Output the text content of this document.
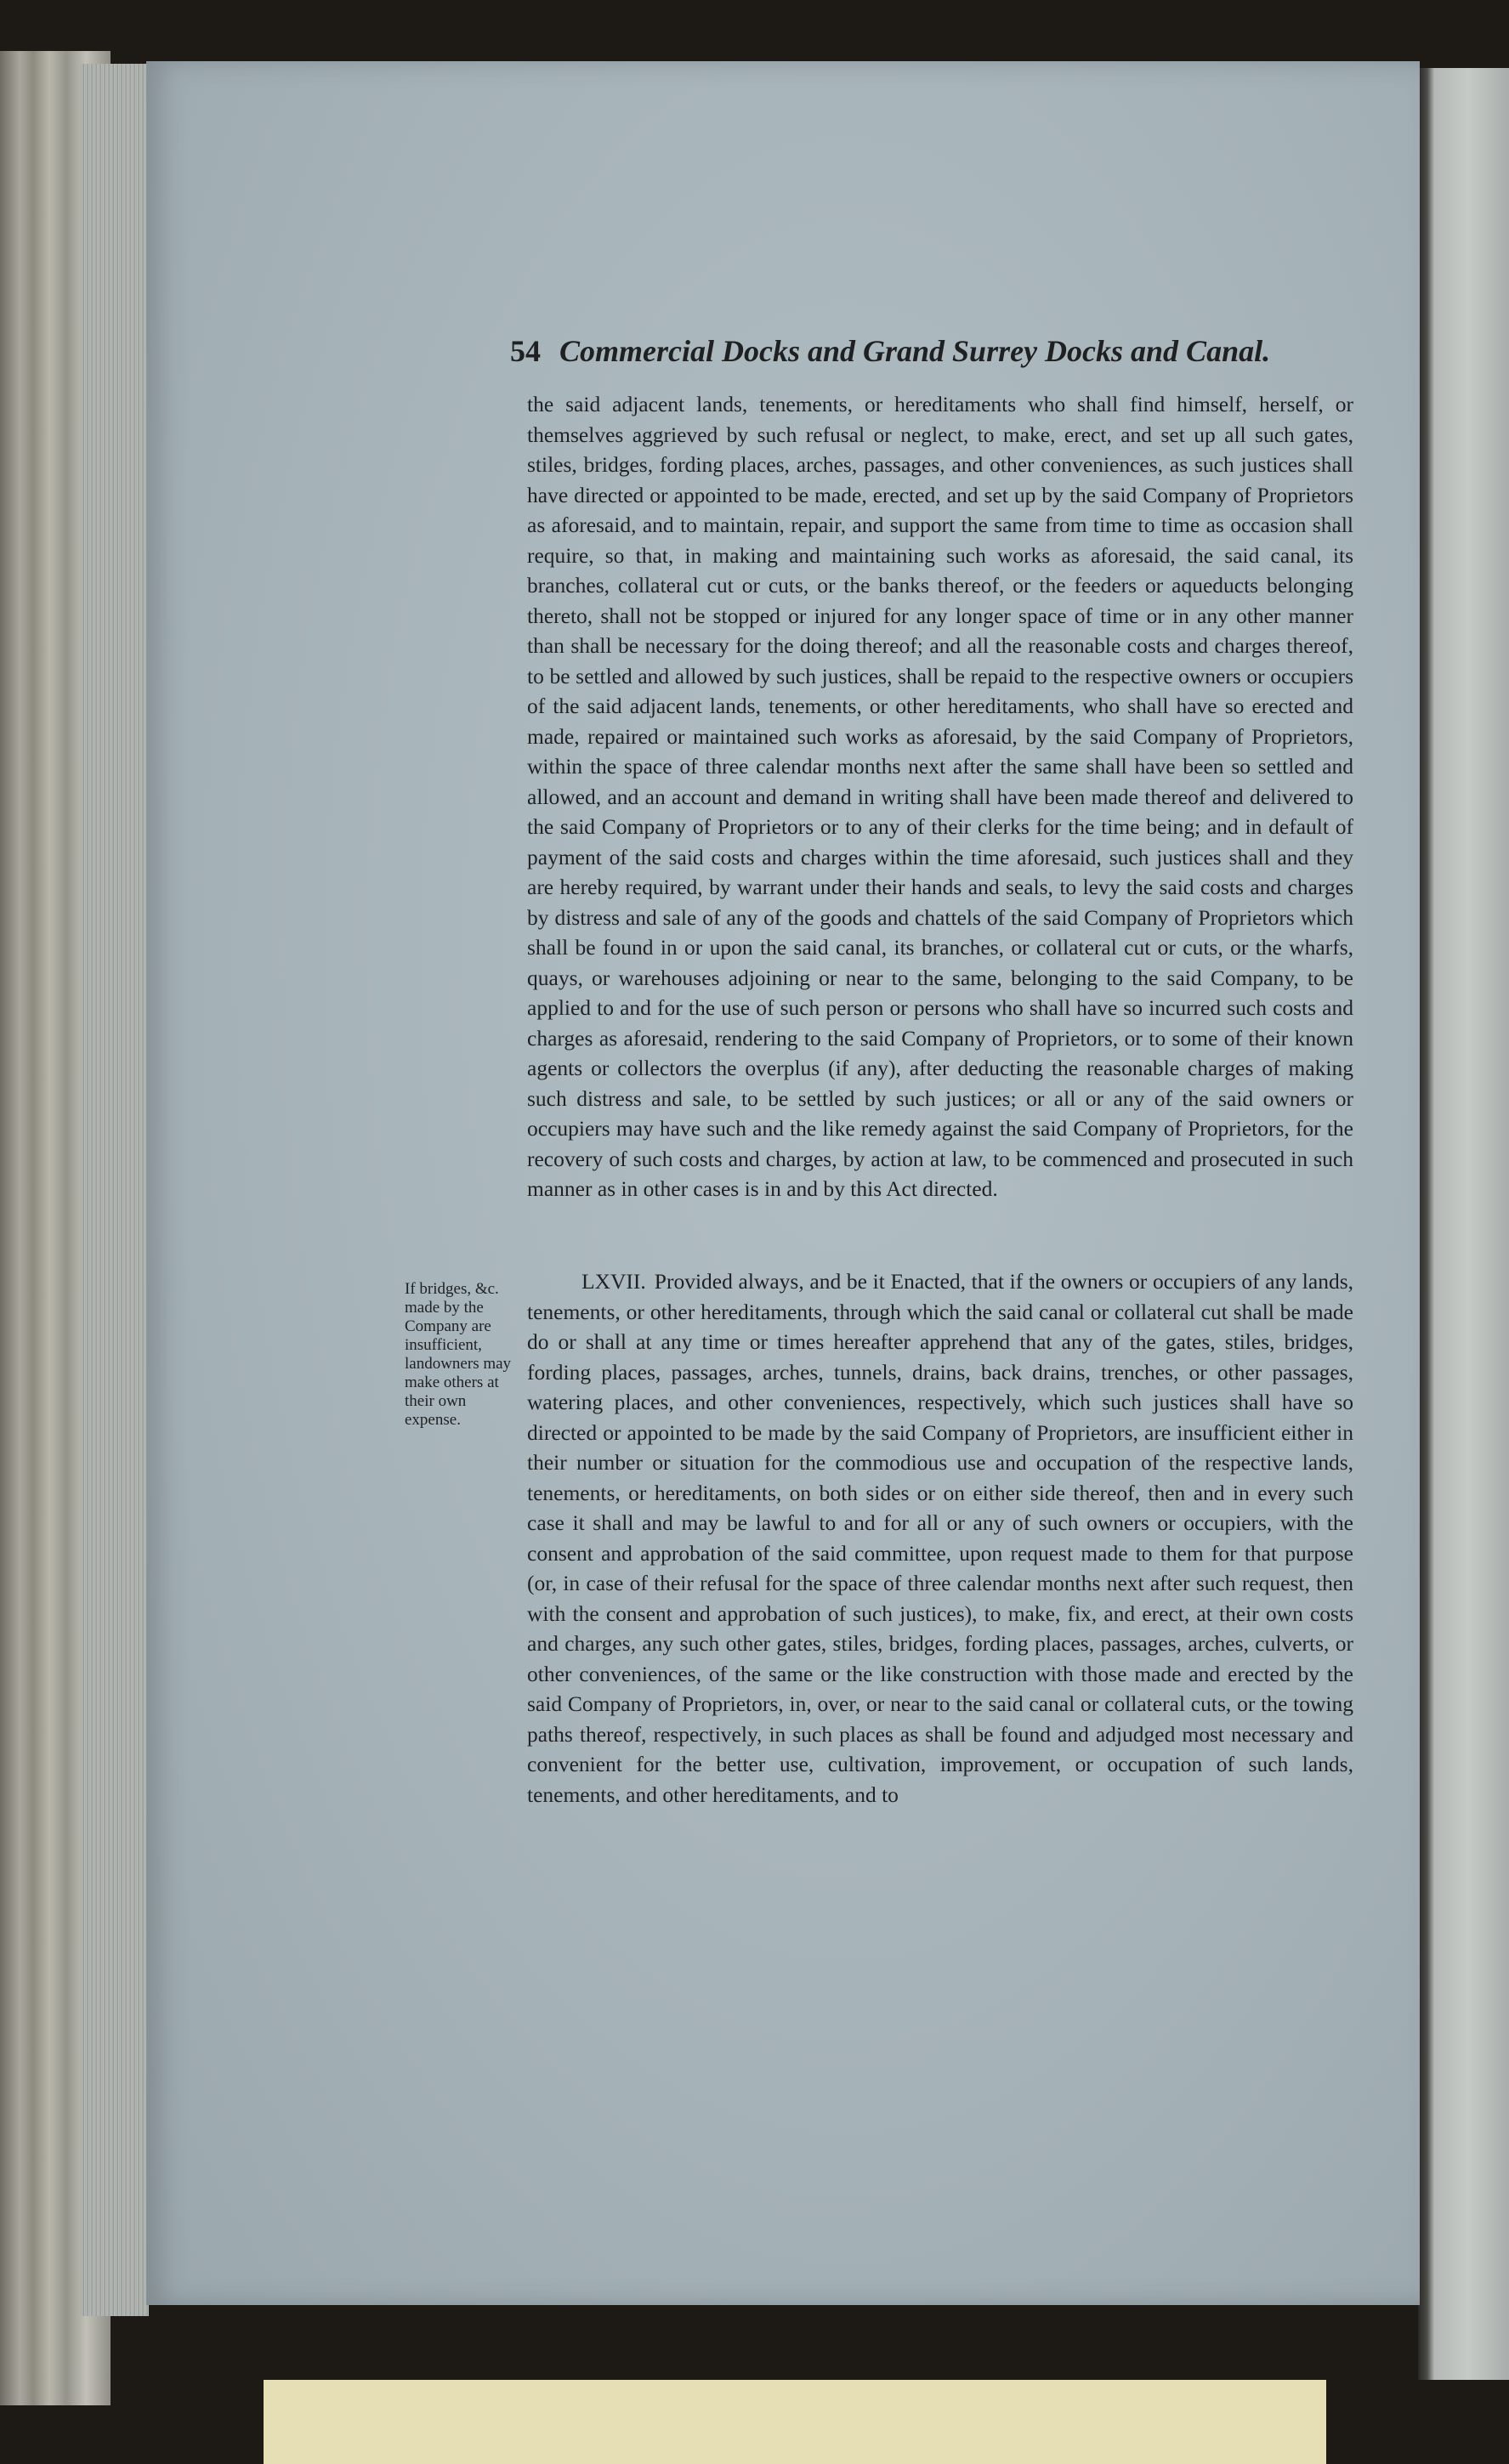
54 Commercial Docks and Grand Surrey Docks and Canal.

the said adjacent lands, tenements, or hereditaments who shall find himself, herself, or themselves aggrieved by such refusal or neglect, to make, erect, and set up all such gates, stiles, bridges, fording places, arches, passages, and other conveniences, as such justices shall have directed or appointed to be made, erected, and set up by the said Company of Proprietors as aforesaid, and to maintain, repair, and support the same from time to time as occasion shall require, so that, in making and maintaining such works as aforesaid, the said canal, its branches, collateral cut or cuts, or the banks thereof, or the feeders or aqueducts belonging thereto, shall not be stopped or injured for any longer space of time or in any other manner than shall be necessary for the doing thereof; and all the reasonable costs and charges thereof, to be settled and allowed by such justices, shall be repaid to the respective owners or occupiers of the said adjacent lands, tenements, or other hereditaments, who shall have so erected and made, repaired or maintained such works as aforesaid, by the said Company of Proprietors, within the space of three calendar months next after the same shall have been so settled and allowed, and an account and demand in writing shall have been made thereof and delivered to the said Company of Proprietors or to any of their clerks for the time being; and in default of payment of the said costs and charges within the time aforesaid, such justices shall and they are hereby required, by warrant under their hands and seals, to levy the said costs and charges by distress and sale of any of the goods and chattels of the said Company of Proprietors which shall be found in or upon the said canal, its branches, or collateral cut or cuts, or the wharfs, quays, or warehouses adjoining or near to the same, belonging to the said Company, to be applied to and for the use of such person or persons who shall have so incurred such costs and charges as aforesaid, rendering to the said Company of Proprietors, or to some of their known agents or collectors the overplus (if any), after deducting the reasonable charges of making such distress and sale, to be settled by such justices; or all or any of the said owners or occupiers may have such and the like remedy against the said Company of Proprietors, for the recovery of such costs and charges, by action at law, to be commenced and prosecuted in such manner as in other cases is in and by this Act directed.

If bridges, &c. made by the Company are insufficient, landowners may make others at their own expense.

LXVII. Provided always, and be it Enacted, that if the owners or occupiers of any lands, tenements, or other hereditaments, through which the said canal or collateral cut shall be made do or shall at any time or times hereafter apprehend that any of the gates, stiles, bridges, fording places, passages, arches, tunnels, drains, back drains, trenches, or other passages, watering places, and other conveniences, respectively, which such justices shall have so directed or appointed to be made by the said Company of Proprietors, are insufficient either in their number or situation for the commodious use and occupation of the respective lands, tenements, or hereditaments, on both sides or on either side thereof, then and in every such case it shall and may be lawful to and for all or any of such owners or occupiers, with the consent and approbation of the said committee, upon request made to them for that purpose (or, in case of their refusal for the space of three calendar months next after such request, then with the consent and approbation of such justices), to make, fix, and erect, at their own costs and charges, any such other gates, stiles, bridges, fording places, passages, arches, culverts, or other conveniences, of the same or the like construction with those made and erected by the said Company of Proprietors, in, over, or near to the said canal or collateral cuts, or the towing paths thereof, respectively, in such places as shall be found and adjudged most necessary and convenient for the better use, cultivation, improvement, or occupation of such lands, tenements, and other hereditaments, and to
